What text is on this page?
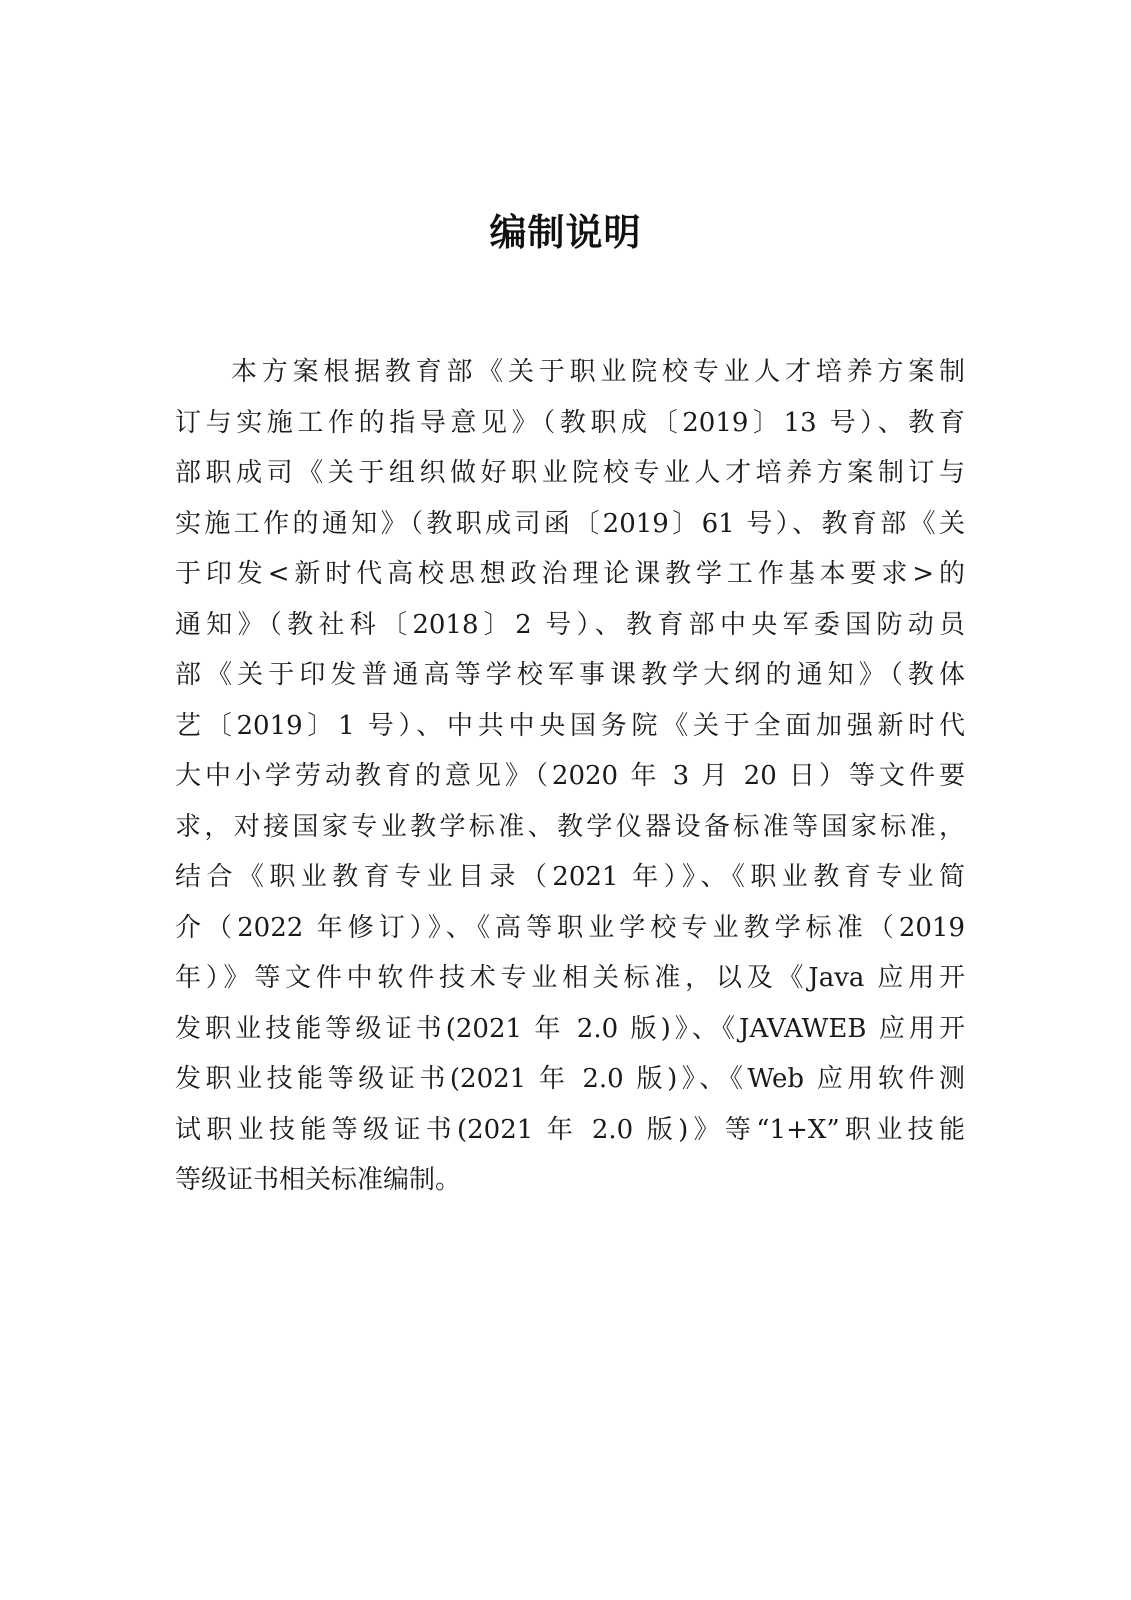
编制说明
本方案根据教育部《关于职业院校专业人才培养方案制
订与实施工作的指导意见》（教职成〔2019〕13 号）、教育
部职成司《关于组织做好职业院校专业人才培养方案制订与
实施工作的通知》（教职成司函〔2019〕61 号）、教育部《关
于印发<新时代高校思想政治理论课教学工作基本要求>的
通知》（教社科〔2018〕2 号）、教育部中央军委国防动员
部《关于印发普通高等学校军事课教学大纲的通知》（教体
艺〔2019〕1 号）、中共中央国务院《关于全面加强新时代
大中小学劳动教育的意见》（2020 年 3 月 20 日）等文件要
求，对接国家专业教学标准、教学仪器设备标准等国家标准，
结合《职业教育专业目录（2021 年）》、《职业教育专业简
介（2022 年修订）》、《高等职业学校专业教学标准（2019
年）》等文件中软件技术专业相关标准，以及《Java 应用开
发职业技能等级证书(2021 年 2.0 版)》、《JAVAWEB 应用开
发职业技能等级证书(2021 年 2.0 版)》、《Web 应用软件测
试职业技能等级证书(2021 年 2.0 版)》等“1+X”职业技能
等级证书相关标准编制。
